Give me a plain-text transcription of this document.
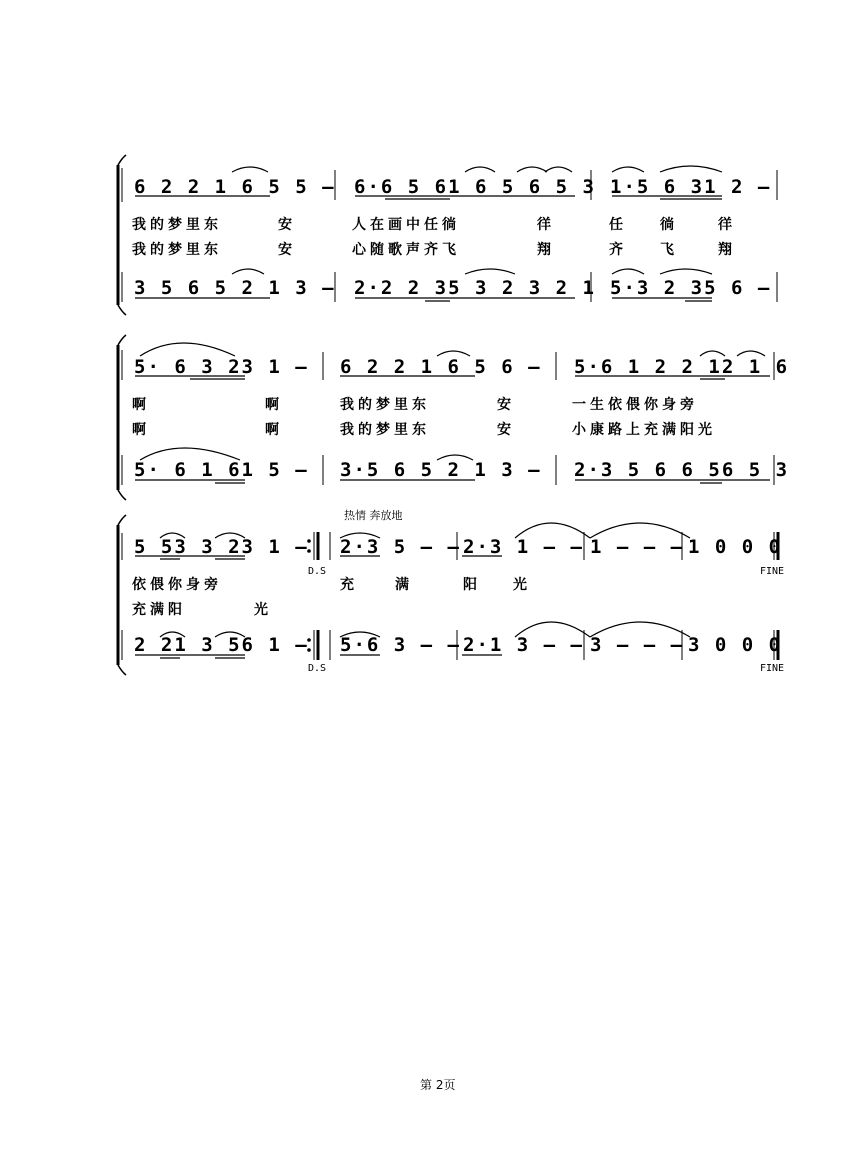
6 2 2 1 6 5 5 – 6·6 5 61 6 5 6 5 3 1·5 6 31 2 –
我的梦里东	安	人在画中任徜	徉	任 徜	徉
我的梦里东	安	心随歌声齐飞	翔	齐 飞	翔
3 5 6 5 2 1 3 – 2·2 2 35 3 2 3 2 1 5·3 2 35 6 –
5· 6 3 23 1 – 6 2 2 1 6 5 6 – 5·6 1 2 2 12 1 6
啊	啊	我的梦里东	安	一生依偎你身旁
啊	啊	我的梦里东	安	小康路上充满阳光
5· 6 1 61 5 – 3·5 6 5 2 1 3 – 2·3 5 6 6 56 5 3
热情 奔放地
5 53 3 23 1 – 2·3 5 – – 2·3 1 – – 1 – – – 1 0 0 0
D.S	FINE
依偎你身旁	充	满	阳 光
充满阳	光
2 21 3 56 1 – 5·6 3 – – 2·1 3 – – 3 – – – 3 0 0 0
D.S	FINE
第 2页
